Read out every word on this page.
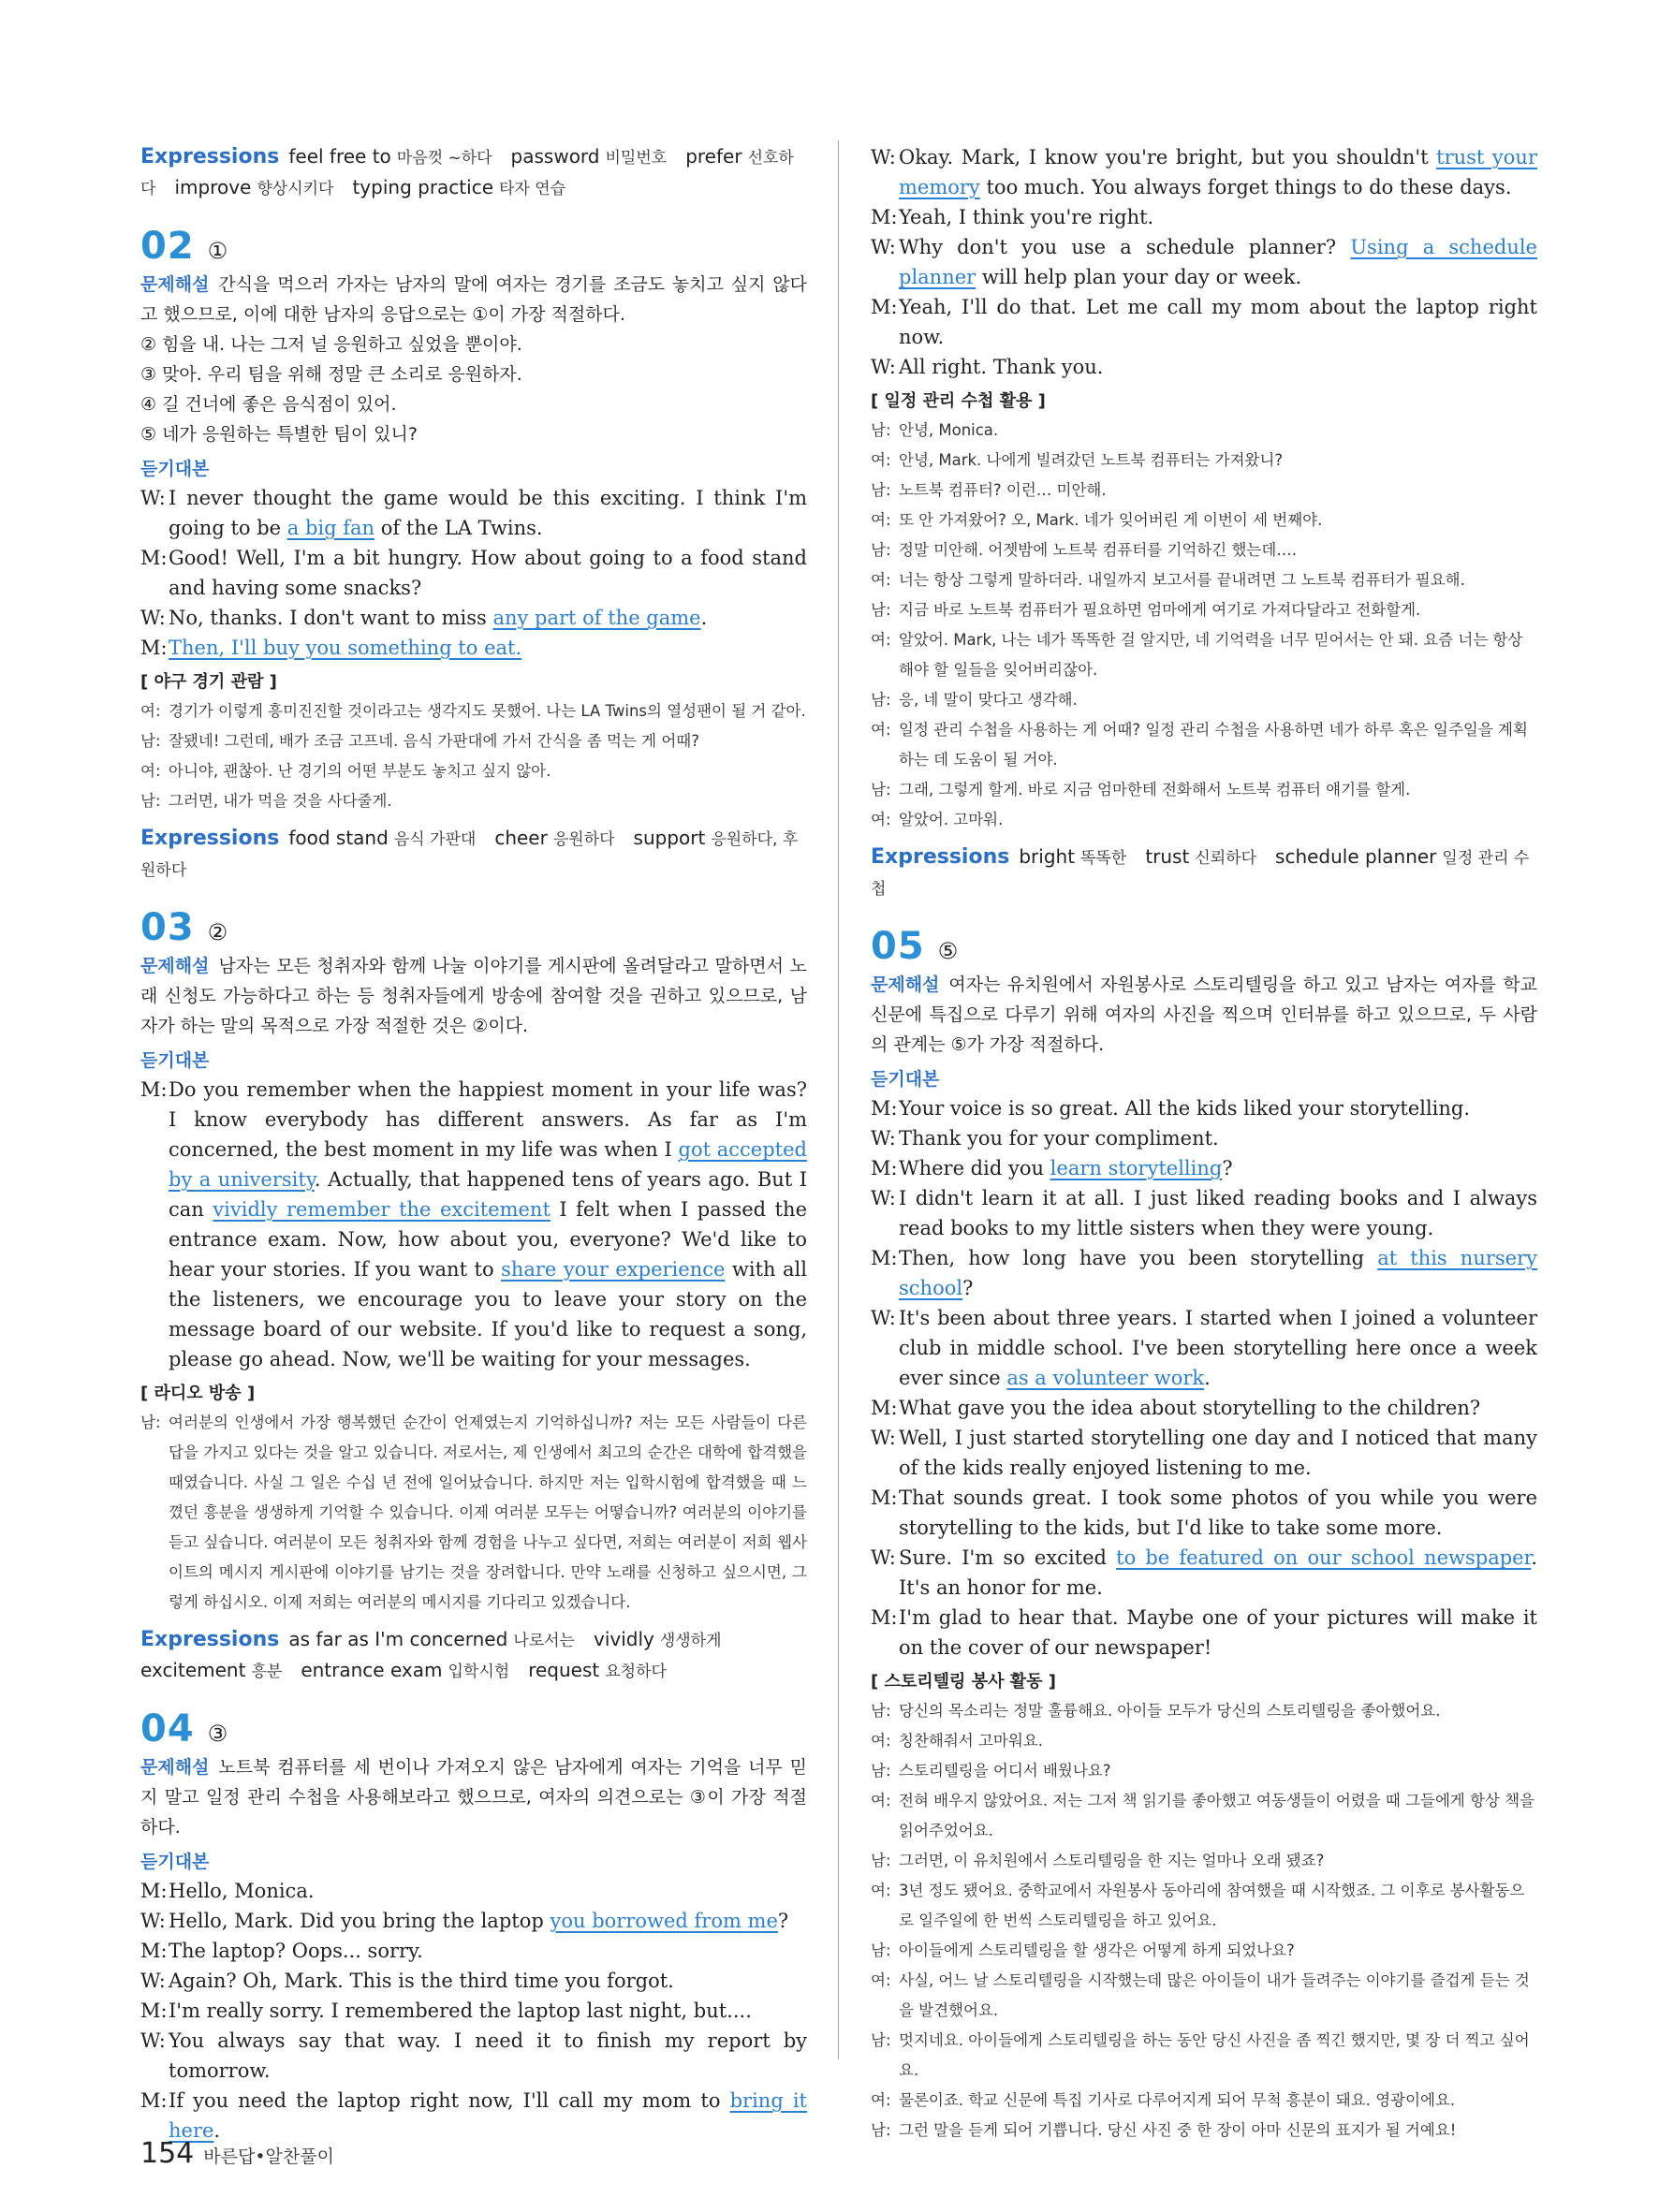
Expressions feel free to 마음껏 ~하다 password 비밀번호 prefer 선호하다 improve 향상시키다 typing practice 타자 연습
02 ①

문제해설 간식을 먹으러 가자는 남자의 말에 여자는 경기를 조금도 놓치고 싶지 않다고 했으므로, 이에 대한 남자의 응답으로는 ①이 가장 적절하다.

② 힘을 내. 나는 그저 널 응원하고 싶었을 뿐이야.

③ 맞아. 우리 팀을 위해 정말 큰 소리로 응원하자.

④ 길 건너에 좋은 음식점이 있어.

⑤ 네가 응원하는 특별한 팀이 있니?

듣기대본

W: I never thought the game would be this exciting. I think I'm going to be a big fan of the LA Twins.

M:Good! Well, I'm a bit hungry. How about going to a food stand and having some snacks?

W: No, thanks. I don't want to miss any part of the game.

M:Then, I'll buy you something to eat.

[ 야구 경기 관람 ]

여: 경기가 이렇게 흥미진진할 것이라고는 생각지도 못했어. 나는 LA Twins의 열성팬이 될 거 같아.

남: 잘됐네! 그런데, 배가 조금 고프네. 음식 가판대에 가서 간식을 좀 먹는 게 어때?

여: 아니야, 괜찮아. 난 경기의 어떤 부분도 놓치고 싶지 않아.

남: 그러면, 내가 먹을 것을 사다줄게.

Expressions food stand 음식 가판대 cheer 응원하다 support 응원하다, 후원하다
03 ②

문제해설 남자는 모든 청취자와 함께 나눌 이야기를 게시판에 올려달라고 말하면서 노래 신청도 가능하다고 하는 등 청취자들에게 방송에 참여할 것을 권하고 있으므로, 남자가 하는 말의 목적으로 가장 적절한 것은 ②이다.

듣기대본

M:Do you remember when the happiest moment in your life was? I know everybody has different answers. As far as I'm concerned, the best moment in my life was when I got accepted by a university. Actually, that happened tens of years ago. But I can vividly remember the excitement I felt when I passed the entrance exam. Now, how about you, everyone? We'd like to hear your stories. If you want to share your experience with all the listeners, we encourage you to leave your story on the message board of our website. If you'd like to request a song, please go ahead. Now, we'll be waiting for your messages.

[ 라디오 방송 ]

남: 여러분의 인생에서 가장 행복했던 순간이 언제였는지 기억하십니까? 저는 모든 사람들이 다른 답을 가지고 있다는 것을 알고 있습니다. 저로서는, 제 인생에서 최고의 순간은 대학에 합격했을 때였습니다. 사실 그 일은 수십 년 전에 일어났습니다. 하지만 저는 입학시험에 합격했을 때 느꼈던 흥분을 생생하게 기억할 수 있습니다. 이제 여러분 모두는 어떻습니까? 여러분의 이야기를 듣고 싶습니다. 여러분이 모든 청취자와 함께 경험을 나누고 싶다면, 저희는 여러분이 저희 웹사이트의 메시지 게시판에 이야기를 남기는 것을 장려합니다. 만약 노래를 신청하고 싶으시면, 그렇게 하십시오. 이제 저희는 여러분의 메시지를 기다리고 있겠습니다.

Expressions as far as I'm concerned 나로서는 vividly 생생하게excitement 흥분 entrance exam 입학시험 request 요청하다
04 ③

문제해설 노트북 컴퓨터를 세 번이나 가져오지 않은 남자에게 여자는 기억을 너무 믿지 말고 일정 관리 수첩을 사용해보라고 했으므로, 여자의 의견으로는 ③이 가장 적절하다.

듣기대본

M:Hello, Monica.

W: Hello, Mark. Did you bring the laptop you borrowed from me?

M:The laptop? Oops... sorry.

W: Again? Oh, Mark. This is the third time you forgot.

M:I'm really sorry. I remembered the laptop last night, but....

W: You always say that way. I need it to finish my report by tomorrow.

M:If you need the laptop right now, I'll call my mom to bring it here.

W: Okay. Mark, I know you're bright, but you shouldn't trust your memory too much. You always forget things to do these days.

M:Yeah, I think you're right.

W: Why don't you use a schedule planner? Using a schedule planner will help plan your day or week.

M:Yeah, I'll do that. Let me call my mom about the laptop right now.

W: All right. Thank you.

[ 일정 관리 수첩 활용 ]

남: 안녕, Monica.

여: 안녕, Mark. 나에게 빌려갔던 노트북 컴퓨터는 가져왔니?

남: 노트북 컴퓨터? 이런… 미안해.

여: 또 안 가져왔어? 오, Mark. 네가 잊어버린 게 이번이 세 번째야.

남: 정말 미안해. 어젯밤에 노트북 컴퓨터를 기억하긴 했는데….

여: 너는 항상 그렇게 말하더라. 내일까지 보고서를 끝내려면 그 노트북 컴퓨터가 필요해.

남: 지금 바로 노트북 컴퓨터가 필요하면 엄마에게 여기로 가져다달라고 전화할게.

여: 알았어. Mark, 나는 네가 똑똑한 걸 알지만, 네 기억력을 너무 믿어서는 안 돼. 요즘 너는 항상 해야 할 일들을 잊어버리잖아.

남: 응, 네 말이 맞다고 생각해.

여: 일정 관리 수첩을 사용하는 게 어때? 일정 관리 수첩을 사용하면 네가 하루 혹은 일주일을 계획하는 데 도움이 될 거야.

남: 그래, 그렇게 할게. 바로 지금 엄마한테 전화해서 노트북 컴퓨터 얘기를 할게.

여: 알았어. 고마워.

Expressions bright 똑똑한 trust 신뢰하다 schedule planner 일정 관리 수첩
05 ⑤

문제해설 여자는 유치원에서 자원봉사로 스토리텔링을 하고 있고 남자는 여자를 학교 신문에 특집으로 다루기 위해 여자의 사진을 찍으며 인터뷰를 하고 있으므로, 두 사람의 관계는 ⑤가 가장 적절하다.

듣기대본

M:Your voice is so great. All the kids liked your storytelling.

W: Thank you for your compliment.

M:Where did you learn storytelling?

W: I didn't learn it at all. I just liked reading books and I always read books to my little sisters when they were young.

M:Then, how long have you been storytelling at this nursery school?

W: It's been about three years. I started when I joined a volunteer club in middle school. I've been storytelling here once a week ever since as a volunteer work.

M:What gave you the idea about storytelling to the children?

W: Well, I just started storytelling one day and I noticed that many of the kids really enjoyed listening to me.

M:That sounds great. I took some photos of you while you were storytelling to the kids, but I'd like to take some more.

W: Sure. I'm so excited to be featured on our school newspaper. It's an honor for me.

M:I'm glad to hear that. Maybe one of your pictures will make it on the cover of our newspaper!

[ 스토리텔링 봉사 활동 ]

남: 당신의 목소리는 정말 훌륭해요. 아이들 모두가 당신의 스토리텔링을 좋아했어요.

여: 칭찬해줘서 고마워요.

남: 스토리텔링을 어디서 배웠나요?

여: 전혀 배우지 않았어요. 저는 그저 책 읽기를 좋아했고 여동생들이 어렸을 때 그들에게 항상 책을 읽어주었어요.

남: 그러면, 이 유치원에서 스토리텔링을 한 지는 얼마나 오래 됐죠?

여: 3년 정도 됐어요. 중학교에서 자원봉사 동아리에 참여했을 때 시작했죠. 그 이후로 봉사활동으로 일주일에 한 번씩 스토리텔링을 하고 있어요.

남: 아이들에게 스토리텔링을 할 생각은 어떻게 하게 되었나요?

여: 사실, 어느 날 스토리텔링을 시작했는데 많은 아이들이 내가 들려주는 이야기를 즐겁게 듣는 것을 발견했어요.

남: 멋지네요. 아이들에게 스토리텔링을 하는 동안 당신 사진을 좀 찍긴 했지만, 몇 장 더 찍고 싶어요.

여: 물론이죠. 학교 신문에 특집 기사로 다루어지게 되어 무척 흥분이 돼요. 영광이에요.

남: 그런 말을 듣게 되어 기쁩니다. 당신 사진 중 한 장이 아마 신문의 표지가 될 거예요!

154 바른답•알찬풀이
